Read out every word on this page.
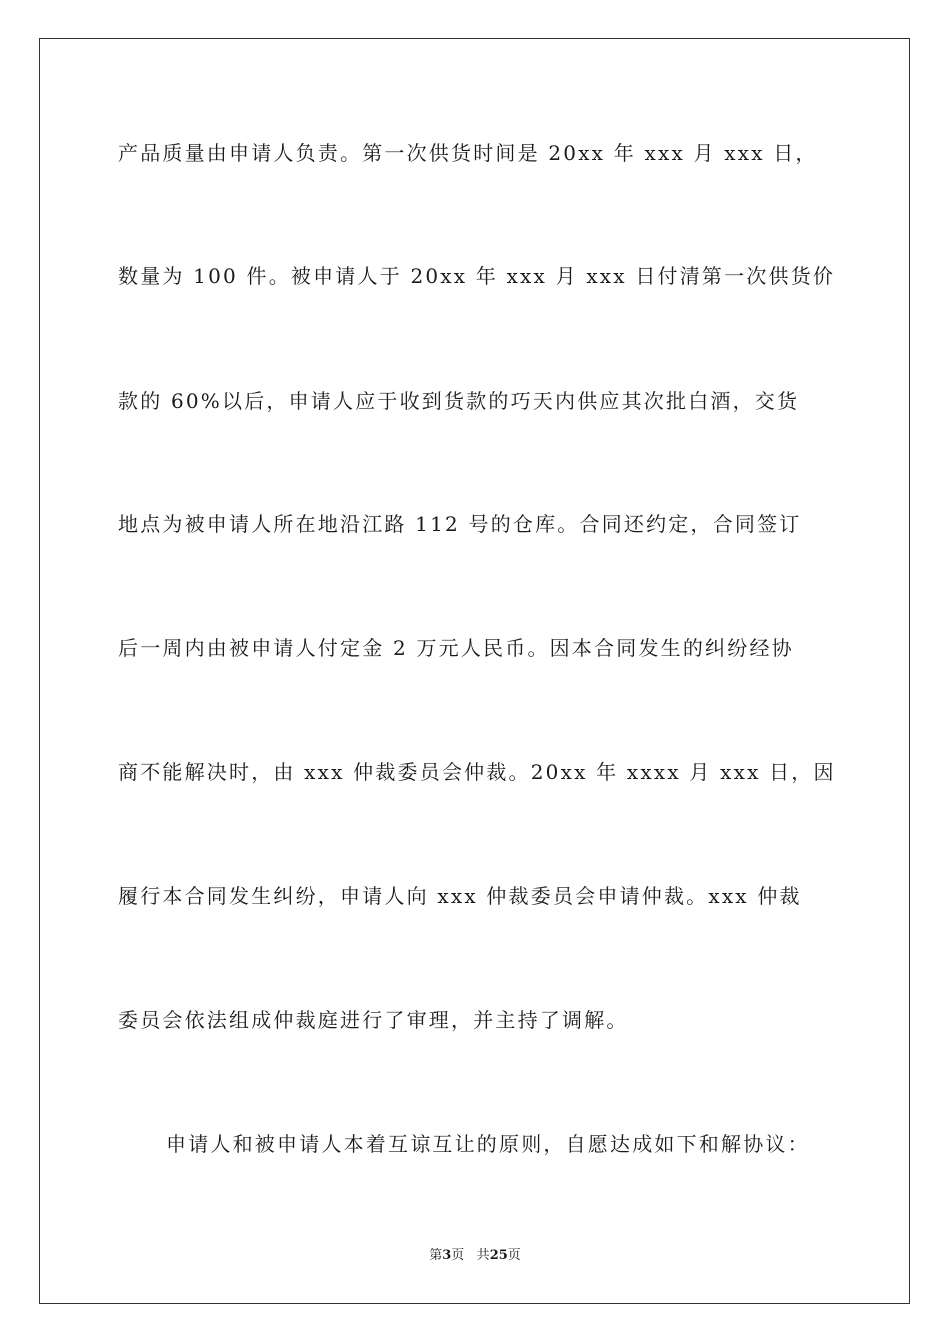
产品质量由申请人负责。第一次供货时间是 20xx 年 xxx 月 xxx 日，
数量为 100 件。被申请人于 20xx 年 xxx 月 xxx 日付清第一次供货价
款的 60%以后，申请人应于收到货款的巧天内供应其次批白酒，交货
地点为被申请人所在地沿江路 112 号的仓库。合同还约定，合同签订
后一周内由被申请人付定金 2 万元人民币。因本合同发生的纠纷经协
商不能解决时，由 xxx 仲裁委员会仲裁。20xx 年 xxxx 月 xxx 日，因
履行本合同发生纠纷，申请人向 xxx 仲裁委员会申请仲裁。xxx 仲裁
委员会依法组成仲裁庭进行了审理，并主持了调解。
申请人和被申请人本着互谅互让的原则，自愿达成如下和解协议：
第3页 共25页
